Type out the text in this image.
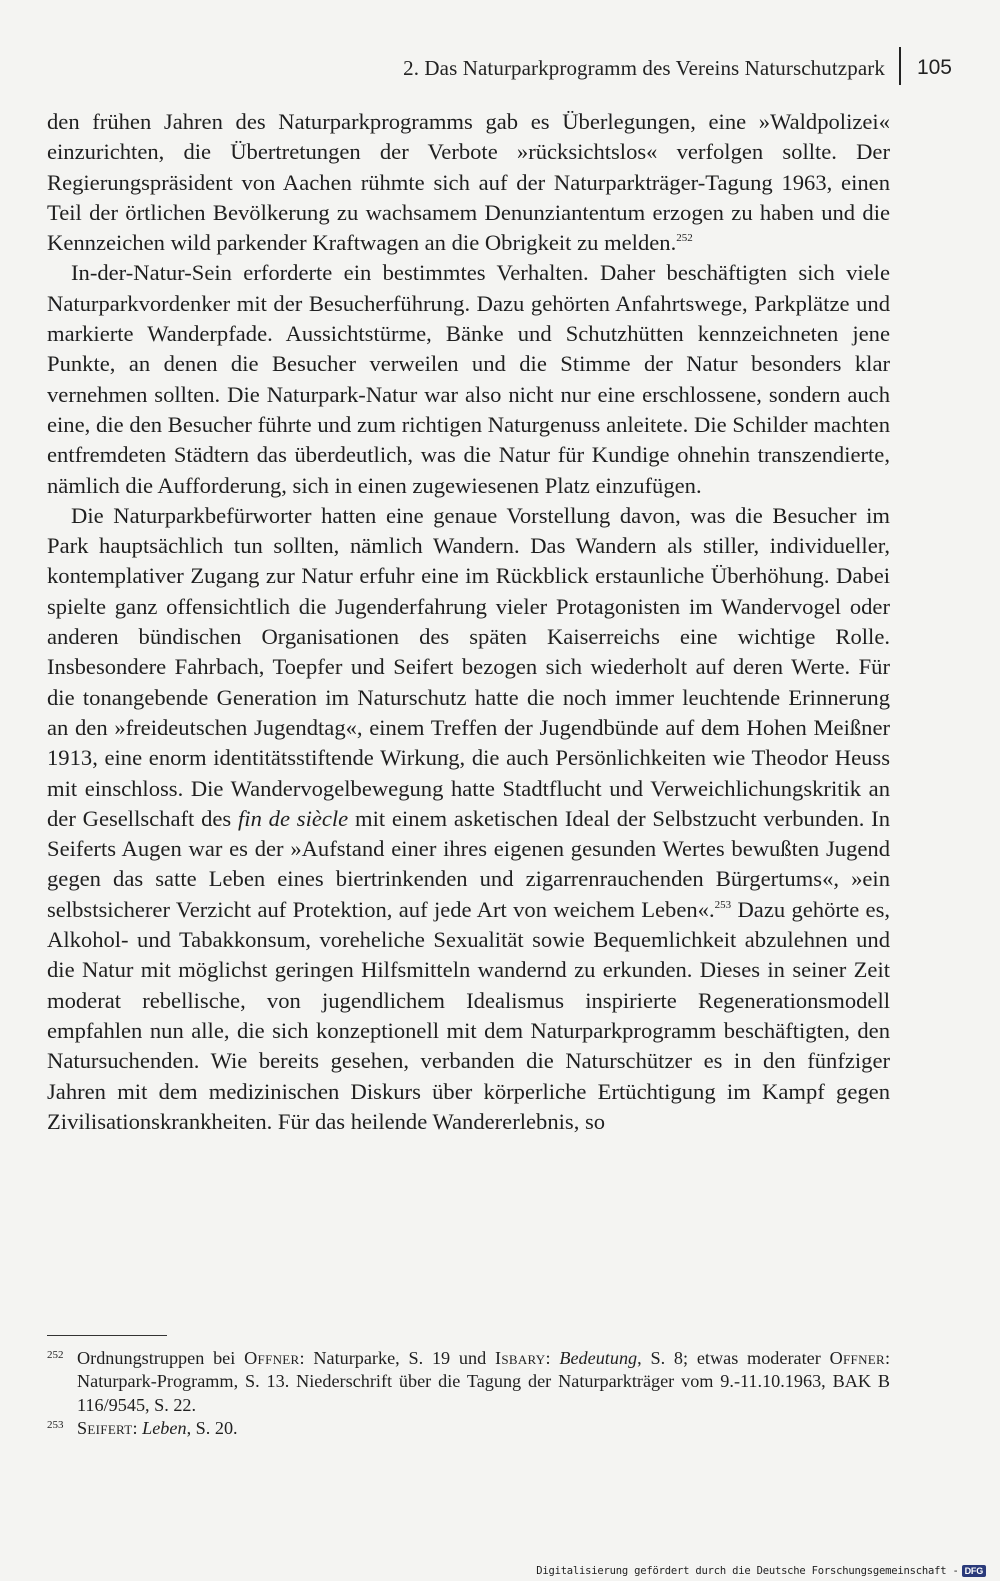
2. Das Naturparkprogramm des Vereins Naturschutzpark 105

den frühen Jahren des Naturparkprogramms gab es Überlegungen, eine »Waldpolizei« einzurichten, die Übertretungen der Verbote »rücksichtslos« verfolgen sollte. Der Regierungspräsident von Aachen rühmte sich auf der Naturparkträger-Tagung 1963, einen Teil der örtlichen Bevölkerung zu wachsamem Denunziantentum erzogen zu haben und die Kennzeichen wild parkender Kraftwagen an die Obrigkeit zu melden.$^{252}$

In-der-Natur-Sein erforderte ein bestimmtes Verhalten. Daher beschäftigten sich viele Naturparkvordenker mit der Besucherführung. Dazu gehörten Anfahrtswege, Parkplätze und markierte Wanderpfade. Aussichtstürme, Bänke und Schutzhütten kennzeichneten jene Punkte, an denen die Besucher verweilen und die Stimme der Natur besonders klar vernehmen sollten. Die Naturpark-Natur war also nicht nur eine erschlossene, sondern auch eine, die den Besucher führte und zum richtigen Naturgenuss anleitete. Die Schilder machten entfremdeten Städtern das überdeutlich, was die Natur für Kundige ohnehin transzendierte, nämlich die Aufforderung, sich in einen zugewiesenen Platz einzufügen.

Die Naturparkbefürworter hatten eine genaue Vorstellung davon, was die Besucher im Park hauptsächlich tun sollten, nämlich Wandern. Das Wandern als stiller, individueller, kontemplativer Zugang zur Natur erfuhr eine im Rückblick erstaunliche Überhöhung. Dabei spielte ganz offensichtlich die Jugenderfahrung vieler Protagonisten im Wandervogel oder anderen bündischen Organisationen des späten Kaiserreichs eine wichtige Rolle. Insbesondere Fahrbach, Toepfer und Seifert bezogen sich wiederholt auf deren Werte. Für die tonangebende Generation im Naturschutz hatte die noch immer leuchtende Erinnerung an den »freideutschen Jugendtag«, einem Treffen der Jugendbünde auf dem Hohen Meißner 1913, eine enorm identitätsstiftende Wirkung, die auch Persönlichkeiten wie Theodor Heuss mit einschloss. Die Wandervogelbewegung hatte Stadtflucht und Verweichlichungskritik an der Gesellschaft des fin de siècle mit einem asketischen Ideal der Selbstzucht verbunden. In Seiferts Augen war es der »Aufstand einer ihres eigenen gesunden Wertes bewußten Jugend gegen das satte Leben eines biertrinkenden und zigarrenrauchenden Bürgertums«, »ein selbstsicherer Verzicht auf Protektion, auf jede Art von weichem Leben«.$^{253}$ Dazu gehörte es, Alkohol- und Tabakkonsum, voreheliche Sexualität sowie Bequemlichkeit abzulehnen und die Natur mit möglichst geringen Hilfsmitteln wandernd zu erkunden. Dieses in seiner Zeit moderat rebellische, von jugendlichem Idealismus inspirierte Regenerationsmodell empfahlen nun alle, die sich konzeptionell mit dem Naturparkprogramm beschäftigten, den Natursuchenden. Wie bereits gesehen, verbanden die Naturschützer es in den fünfziger Jahren mit dem medizinischen Diskurs über körperliche Ertüchtigung im Kampf gegen Zivilisationskrankheiten. Für das heilende Wandererlebnis, so

252 Ordnungstruppen bei Offner: Naturparke, S. 19 und Isbary: Bedeutung, S. 8; etwas moderater Offner: Naturpark-Programm, S. 13. Niederschrift über die Tagung der Naturparkträger vom 9.-11.10.1963, BAK B 116/9545, S. 22.

253 Seifert: Leben, S. 20.

Digitalisierung gefördert durch die Deutsche Forschungsgemeinschaft - DFG
